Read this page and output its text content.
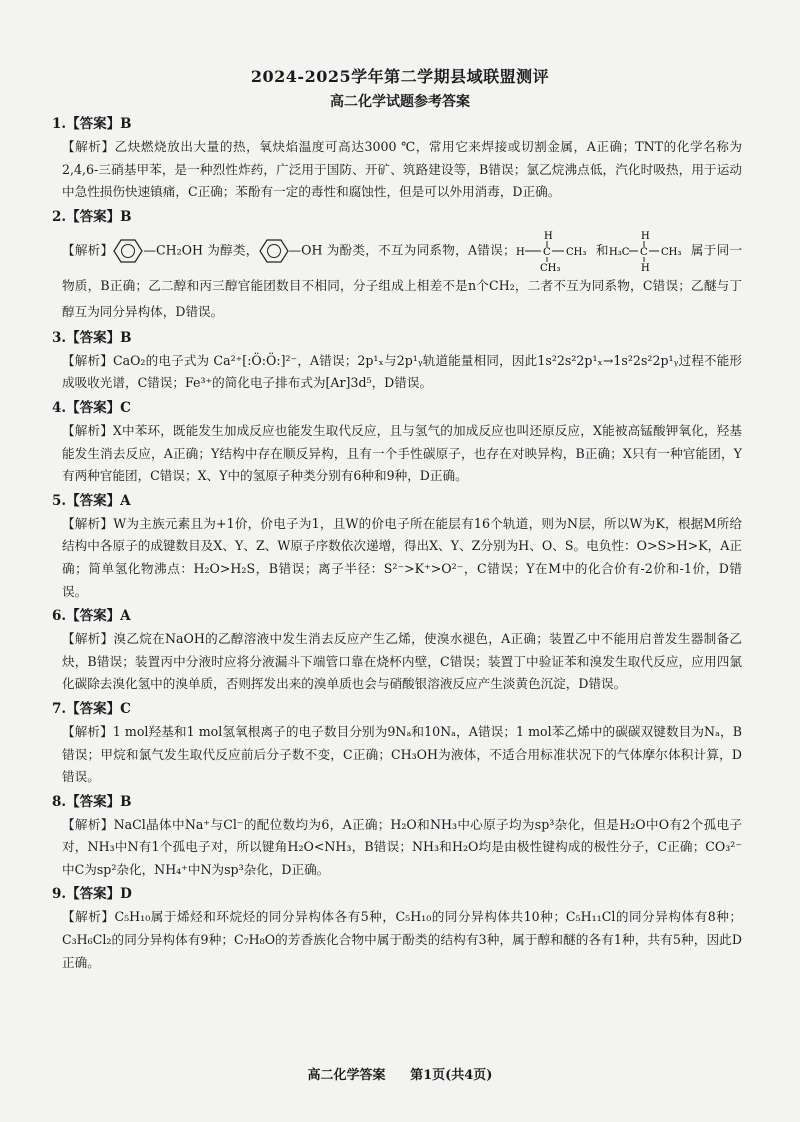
2024-2025学年第二学期县域联盟测评
高二化学试题参考答案
1.【答案】B
【解析】乙炔燃烧放出大量的热，氧炔焰温度可高达3000 ℃，常用它来焊接或切割金属，A正确；TNT的化学名称为2,4,6-三硝基甲苯，是一种烈性炸药，广泛用于国防、开矿、筑路建设等，B错误；氯乙烷沸点低，汽化时吸热，用于运动中急性损伤快速镇痛，C正确；苯酚有一定的毒性和腐蚀性，但是可以外用消毒，D正确。
2.【答案】B
【解析】 —CH₂OH 为醇类， —OH 为酚类，不互为同系物，A错误；
H
H C CH₃
CH₃
和
H
H₃C C CH₃
H
属于同一物质，B正确；乙二醇和丙三醇官能团数目不相同，分子组成上相差不是n个CH₂，二者不互为同系物，C错误；乙醚与丁醇互为同分异构体，D错误。
3.【答案】B
【解析】CaO₂的电子式为 Ca²⁺[:Ö:Ö:]²⁻，A错误；2p¹ₓ与2p¹ᵧ轨道能量相同，因此1s²2s²2p¹ₓ→1s²2s²2p¹ᵧ过程不能形成吸收光谱，C错误；Fe³⁺的简化电子排布式为[Ar]3d⁵，D错误。
4.【答案】C
【解析】X中苯环，既能发生加成反应也能发生取代反应，且与氢气的加成反应也叫还原反应，X能被高锰酸钾氧化，羟基能发生消去反应，A正确；Y结构中存在顺反异构，且有一个手性碳原子，也存在对映异构，B正确；X只有一种官能团，Y有两种官能团，C错误；X、Y中的氢原子种类分别有6种和9种，D正确。
5.【答案】A
【解析】W为主族元素且为+1价，价电子为1，且W的价电子所在能层有16个轨道，则为N层，所以W为K，根据M所给结构中各原子的成键数目及X、Y、Z、W原子序数依次递增，得出X、Y、Z分别为H、O、S。电负性：O>S>H>K，A正确；简单氢化物沸点：H₂O>H₂S，B错误；离子半径：S²⁻>K⁺>O²⁻，C错误；Y在M中的化合价有-2价和-1价，D错误。
6.【答案】A
【解析】溴乙烷在NaOH的乙醇溶液中发生消去反应产生乙烯，使溴水褪色，A正确；装置乙中不能用启普发生器制备乙炔，B错误；装置丙中分液时应将分液漏斗下端管口靠在烧杯内壁，C错误；装置丁中验证苯和溴发生取代反应，应用四氯化碳除去溴化氢中的溴单质，否则挥发出来的溴单质也会与硝酸银溶液反应产生淡黄色沉淀，D错误。
7.【答案】C
【解析】1 mol羟基和1 mol氢氧根离子的电子数目分别为9Nₐ和10Nₐ，A错误；1 mol苯乙烯中的碳碳双键数目为Nₐ，B错误；甲烷和氯气发生取代反应前后分子数不变，C正确；CH₃OH为液体，不适合用标准状况下的气体摩尔体积计算，D错误。
8.【答案】B
【解析】NaCl晶体中Na⁺与Cl⁻的配位数均为6，A正确；H₂O和NH₃中心原子均为sp³杂化，但是H₂O中O有2个孤电子对，NH₃中N有1个孤电子对，所以键角H₂O<NH₃，B错误；NH₃和H₂O均是由极性键构成的极性分子，C正确；CO₃²⁻中C为sp²杂化，NH₄⁺中N为sp³杂化，D正确。
9.【答案】D
【解析】C₅H₁₀属于烯烃和环烷烃的同分异构体各有5种，C₅H₁₀的同分异构体共10种；C₅H₁₁Cl的同分异构体有8种；C₃H₆Cl₂的同分异构体有9种；C₇H₈O的芳香族化合物中属于酚类的结构有3种，属于醇和醚的各有1种，共有5种，因此D正确。
高二化学答案 第1页(共4页)
